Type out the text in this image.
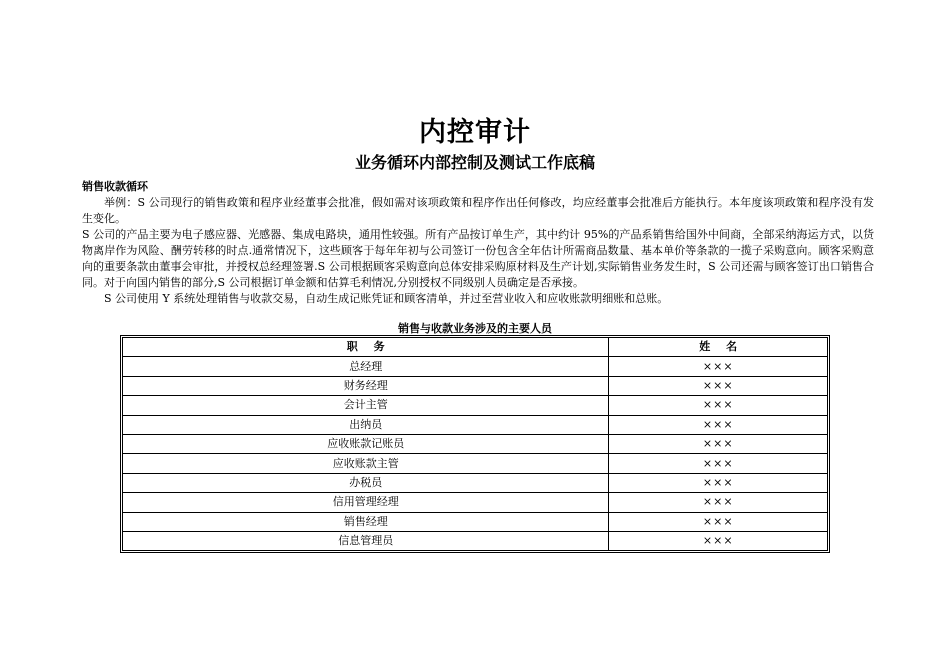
内控审计
业务循环内部控制及测试工作底稿

销售收款循环

举例：S 公司现行的销售政策和程序业经董事会批准，假如需对该项政策和程序作出任何修改，均应经董事会批准后方能执行。本年度该项政策和程序没有发生变化。

S 公司的产品主要为电子感应器、光感器、集成电路块，通用性较强。所有产品按订单生产，其中约计 95%的产品系销售给国外中间商，全部采纳海运方式，以货物离岸作为风险、酬劳转移的时点.通常情况下，这些顾客于每年年初与公司签订一份包含全年估计所需商品数量、基本单价等条款的一揽子采购意向。顾客采购意向的重要条款由董事会审批，并授权总经理签署.S 公司根据顾客采购意向总体安排采购原材料及生产计划,实际销售业务发生时，S 公司还需与顾客签订出口销售合同。对于向国内销售的部分,S 公司根据订单金额和估算毛利情况,分别授权不同级别人员确定是否承接。

S 公司使用 Y 系统处理销售与收款交易，自动生成记账凭证和顾客清单，并过至营业收入和应收账款明细账和总账。

销售与收款业务涉及的主要人员
职 务	姓 名
总经理	×××
财务经理	×××
会计主管	×××
出纳员	×××
应收账款记账员	×××
应收账款主管	×××
办税员	×××
信用管理经理	×××
销售经理	×××
信息管理员	×××
